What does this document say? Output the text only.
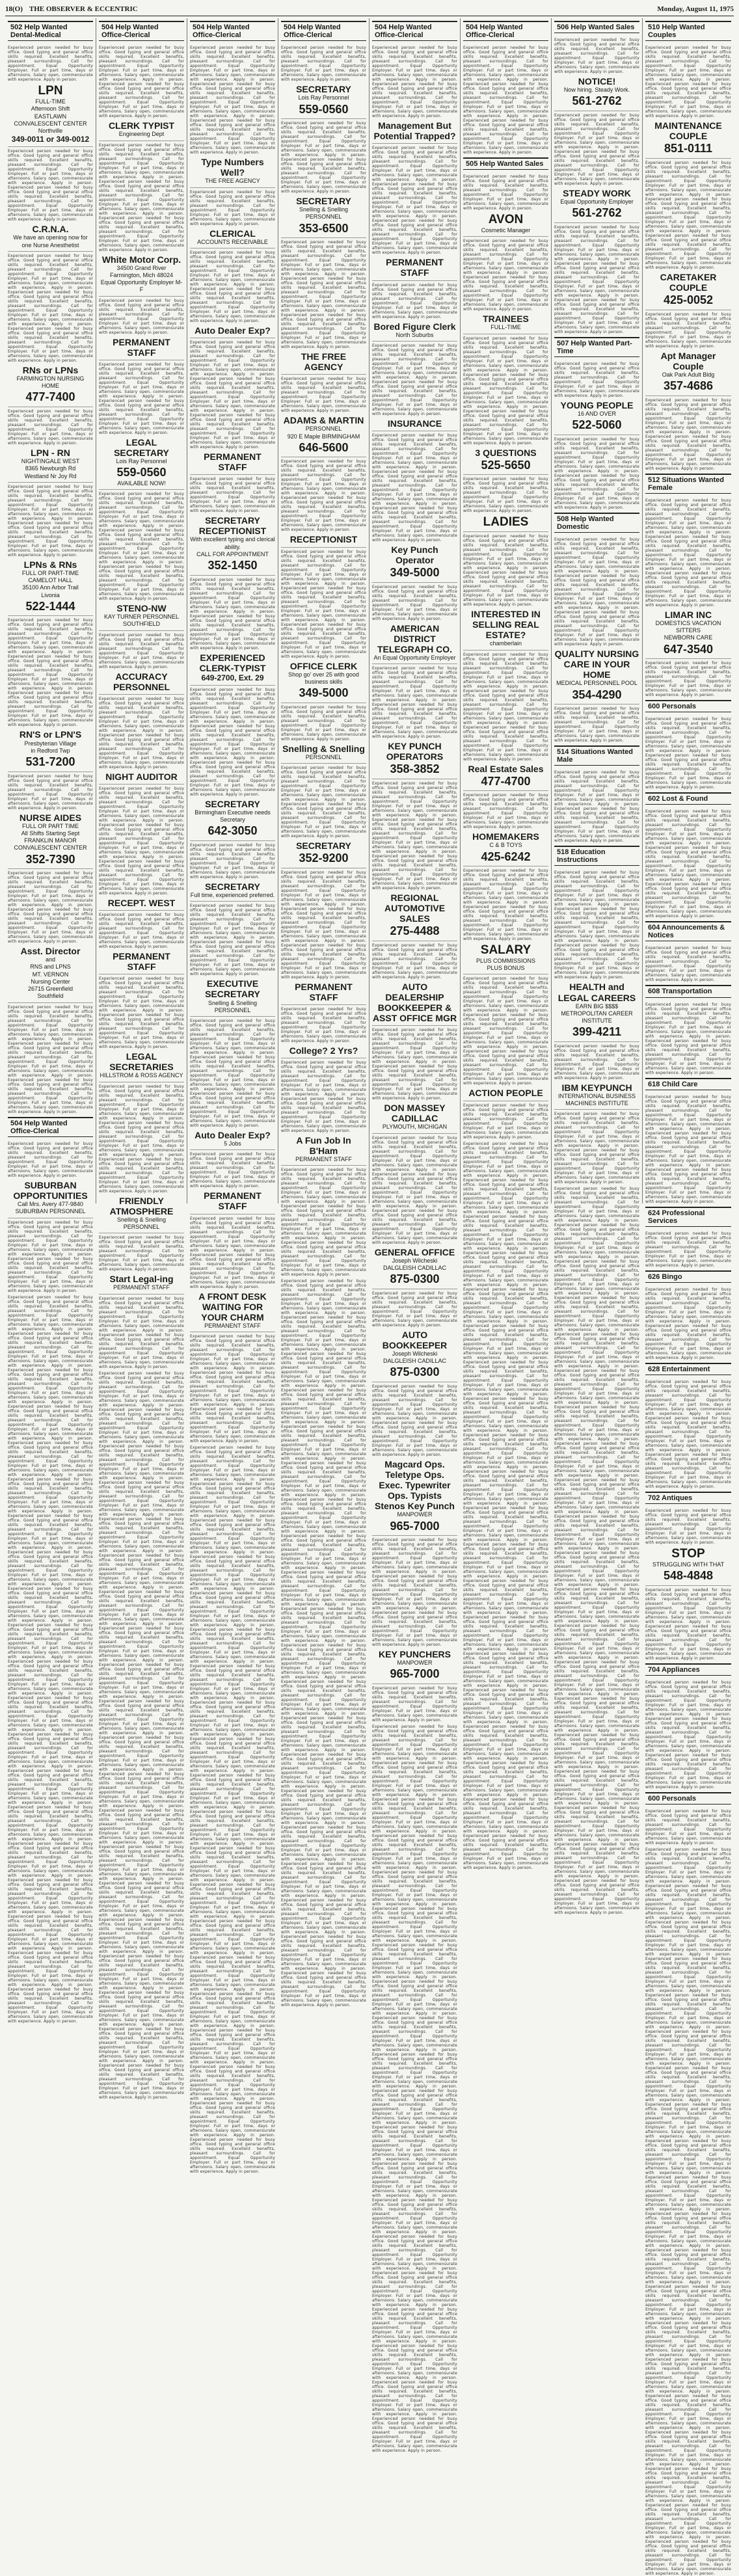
18(O) THE OBSERVER & ECCENTRIC	Monday, August 11, 1975
502 Help Wanted Dental-Medical
Experienced person needed for busy office. Good typing and general office skills required. Excellent benefits, pleasant surroundings. Call for appointment. Equal Opportunity Employer. Full or part time, days or afternoons. Salary open, commensurate with experience. Apply in person.
LPN
FULL-TIME
Afternoon Shift
EASTLAWN
CONVALESCENT CENTER
Northville
349-0011 or 349-0012
Experienced person needed for busy office. Good typing and general office skills required. Excellent benefits, pleasant surroundings. Call for appointment. Equal Opportunity Employer. Full or part time, days or afternoons. Salary open, commensurate with experience. Apply in person. Experienced person needed for busy office. Good typing and general office skills required. Excellent benefits, pleasant surroundings. Call for appointment. Equal Opportunity Employer. Full or part time, days or afternoons. Salary open, commensurate with experience. Apply in person.
C.R.N.A.
We have an opening now for one Nurse Anesthetist
Experienced person needed for busy office. Good typing and general office skills required. Excellent benefits, pleasant surroundings. Call for appointment. Equal Opportunity Employer. Full or part time, days or afternoons. Salary open, commensurate with experience. Apply in person. Experienced person needed for busy office. Good typing and general office skills required. Excellent benefits, pleasant surroundings. Call for appointment. Equal Opportunity Employer. Full or part time, days or afternoons. Salary open, commensurate with experience. Apply in person. Experienced person needed for busy office. Good typing and general office skills required. Excellent benefits, pleasant surroundings. Call for appointment. Equal Opportunity Employer. Full or part time, days or afternoons. Salary open, commensurate with experience. Apply in person.
RNs or LPNs
FARMINGTON NURSING HOME
477-7400
Experienced person needed for busy office. Good typing and general office skills required. Excellent benefits, pleasant surroundings. Call for appointment. Equal Opportunity Employer. Full or part time, days or afternoons. Salary open, commensurate with experience. Apply in person.
LPN - RN
NIGHTINGALE WEST
8365 Newburgh Rd
Westland Nr Joy Rd
Experienced person needed for busy office. Good typing and general office skills required. Excellent benefits, pleasant surroundings. Call for appointment. Equal Opportunity Employer. Full or part time, days or afternoons. Salary open, commensurate with experience. Apply in person. Experienced person needed for busy office. Good typing and general office skills required. Excellent benefits, pleasant surroundings. Call for appointment. Equal Opportunity Employer. Full or part time, days or afternoons. Salary open, commensurate with experience. Apply in person.
LPNs & RNs
FULL OR PART-TIME
CAMELOT HALL
35100 Ann Arbor Trail
Livonia
522-1444
Experienced person needed for busy office. Good typing and general office skills required. Excellent benefits, pleasant surroundings. Call for appointment. Equal Opportunity Employer. Full or part time, days or afternoons. Salary open, commensurate with experience. Apply in person. Experienced person needed for busy office. Good typing and general office skills required. Excellent benefits, pleasant surroundings. Call for appointment. Equal Opportunity Employer. Full or part time, days or afternoons. Salary open, commensurate with experience. Apply in person. Experienced person needed for busy office. Good typing and general office skills required. Excellent benefits, pleasant surroundings. Call for appointment. Equal Opportunity Employer. Full or part time, days or afternoons. Salary open, commensurate with experience. Apply in person.
RN'S or LPN'S
Presbyterian Village
in Redford Twp
531-7200
Experienced person needed for busy office. Good typing and general office skills required. Excellent benefits, pleasant surroundings. Call for appointment. Equal Opportunity Employer. Full or part time, days or afternoons. Salary open, commensurate with experience. Apply in person.
NURSE AIDES
FULL OR PART TIME
All Shifts Starting Sept
FRANKLIN MANOR
CONVALESCENT CENTER
352-7390
Experienced person needed for busy office. Good typing and general office skills required. Excellent benefits, pleasant surroundings. Call for appointment. Equal Opportunity Employer. Full or part time, days or afternoons. Salary open, commensurate with experience. Apply in person. Experienced person needed for busy office. Good typing and general office skills required. Excellent benefits, pleasant surroundings. Call for appointment. Equal Opportunity Employer. Full or part time, days or afternoons. Salary open, commensurate with experience. Apply in person.
Asst. Director
and
RNS and LPNS
MT. VERNON
Nursing Center
26715 Greenfield
Southfield
Experienced person needed for busy office. Good typing and general office skills required. Excellent benefits, pleasant surroundings. Call for appointment. Equal Opportunity Employer. Full or part time, days or afternoons. Salary open, commensurate with experience. Apply in person. Experienced person needed for busy office. Good typing and general office skills required. Excellent benefits, pleasant surroundings. Call for appointment. Equal Opportunity Employer. Full or part time, days or afternoons. Salary open, commensurate with experience. Apply in person. Experienced person needed for busy office. Good typing and general office skills required. Excellent benefits, pleasant surroundings. Call for appointment. Equal Opportunity Employer. Full or part time, days or afternoons. Salary open, commensurate with experience. Apply in person.
504 Help Wanted Office-Clerical
Experienced person needed for busy office. Good typing and general office skills required. Excellent benefits, pleasant surroundings. Call for appointment. Equal Opportunity Employer. Full or part time, days or afternoons. Salary open, commensurate with experience. Apply in person.
SUBURBAN OPPORTUNITIES
Call Mrs. Avery 477-9840
SUBURBAN PERSONNEL
Experienced person needed for busy office. Good typing and general office skills required. Excellent benefits, pleasant surroundings. Call for appointment. Equal Opportunity Employer. Full or part time, days or afternoons. Salary open, commensurate with experience. Apply in person. Experienced person needed for busy office. Good typing and general office skills required. Excellent benefits, pleasant surroundings. Call for appointment. Equal Opportunity Employer. Full or part time, days or afternoons. Salary open, commensurate with experience. Apply in person.
Experienced person needed for busy office. Good typing and general office skills required. Excellent benefits, pleasant surroundings. Call for appointment. Equal Opportunity Employer. Full or part time, days or afternoons. Salary open, commensurate with experience. Apply in person. Experienced person needed for busy office. Good typing and general office skills required. Excellent benefits, pleasant surroundings. Call for appointment. Equal Opportunity Employer. Full or part time, days or afternoons. Salary open, commensurate with experience. Apply in person. Experienced person needed for busy office. Good typing and general office skills required. Excellent benefits, pleasant surroundings. Call for appointment. Equal Opportunity Employer. Full or part time, days or afternoons. Salary open, commensurate with experience. Apply in person. Experienced person needed for busy office. Good typing and general office skills required. Excellent benefits, pleasant surroundings. Call for appointment. Equal Opportunity Employer. Full or part time, days or afternoons. Salary open, commensurate with experience. Apply in person. Experienced person needed for busy office. Good typing and general office skills required. Excellent benefits, pleasant surroundings. Call for appointment. Equal Opportunity Employer. Full or part time, days or afternoons. Salary open, commensurate with experience. Apply in person. Experienced person needed for busy office. Good typing and general office skills required. Excellent benefits, pleasant surroundings. Call for appointment. Equal Opportunity Employer. Full or part time, days or afternoons. Salary open, commensurate with experience. Apply in person. Experienced person needed for busy office. Good typing and general office skills required. Excellent benefits, pleasant surroundings. Call for appointment. Equal Opportunity Employer. Full or part time, days or afternoons. Salary open, commensurate with experience. Apply in person. Experienced person needed for busy office. Good typing and general office skills required. Excellent benefits, pleasant surroundings. Call for appointment. Equal Opportunity Employer. Full or part time, days or afternoons. Salary open, commensurate with experience. Apply in person. Experienced person needed for busy office. Good typing and general office skills required. Excellent benefits, pleasant surroundings. Call for appointment. Equal Opportunity Employer. Full or part time, days or afternoons. Salary open, commensurate with experience. Apply in person. Experienced person needed for busy office. Good typing and general office skills required. Excellent benefits, pleasant surroundings. Call for appointment. Equal Opportunity Employer. Full or part time, days or afternoons. Salary open, commensurate with experience. Apply in person. Experienced person needed for busy office. Good typing and general office skills required. Excellent benefits, pleasant surroundings. Call for appointment. Equal Opportunity Employer. Full or part time, days or afternoons. Salary open, commensurate with experience. Apply in person. Experienced person needed for busy office. Good typing and general office skills required. Excellent benefits, pleasant surroundings. Call for appointment. Equal Opportunity Employer. Full or part time, days or afternoons. Salary open, commensurate with experience. Apply in person. Experienced person needed for busy office. Good typing and general office skills required. Excellent benefits, pleasant surroundings. Call for appointment. Equal Opportunity Employer. Full or part time, days or afternoons. Salary open, commensurate with experience. Apply in person. Experienced person needed for busy office. Good typing and general office skills required. Excellent benefits, pleasant surroundings. Call for appointment. Equal Opportunity Employer. Full or part time, days or afternoons. Salary open, commensurate with experience. Apply in person. Experienced person needed for busy office. Good typing and general office skills required. Excellent benefits, pleasant surroundings. Call for appointment. Equal Opportunity Employer. Full or part time, days or afternoons. Salary open, commensurate with experience. Apply in person. Experienced person needed for busy office. Good typing and general office skills required. Excellent benefits, pleasant surroundings. Call for appointment. Equal Opportunity Employer. Full or part time, days or afternoons. Salary open, commensurate with experience. Apply in person. Experienced person needed for busy office. Good typing and general office skills required. Excellent benefits, pleasant surroundings. Call for appointment. Equal Opportunity Employer. Full or part time, days or afternoons. Salary open, commensurate with experience. Apply in person. Experienced person needed for busy office. Good typing and general office skills required. Excellent benefits, pleasant surroundings. Call for appointment. Equal Opportunity Employer. Full or part time, days or afternoons. Salary open, commensurate with experience. Apply in person. Experienced person needed for busy office. Good typing and general office skills required. Excellent benefits, pleasant surroundings. Call for appointment. Equal Opportunity Employer. Full or part time, days or afternoons. Salary open, commensurate with experience. Apply in person. Experienced person needed for busy office. Good typing and general office skills required. Excellent benefits, pleasant surroundings. Call for appointment. Equal Opportunity Employer. Full or part time, days or afternoons. Salary open, commensurate with experience. Apply in person.
504 Help Wanted Office-Clerical
Experienced person needed for busy office. Good typing and general office skills required. Excellent benefits, pleasant surroundings. Call for appointment. Equal Opportunity Employer. Full or part time, days or afternoons. Salary open, commensurate with experience. Apply in person. Experienced person needed for busy office. Good typing and general office skills required. Excellent benefits, pleasant surroundings. Call for appointment. Equal Opportunity Employer. Full or part time, days or afternoons. Salary open, commensurate with experience. Apply in person.
CLERK TYPIST
Engineering Dept
Experienced person needed for busy office. Good typing and general office skills required. Excellent benefits, pleasant surroundings. Call for appointment. Equal Opportunity Employer. Full or part time, days or afternoons. Salary open, commensurate with experience. Apply in person. Experienced person needed for busy office. Good typing and general office skills required. Excellent benefits, pleasant surroundings. Call for appointment. Equal Opportunity Employer. Full or part time, days or afternoons. Salary open, commensurate with experience. Apply in person. Experienced person needed for busy office. Good typing and general office skills required. Excellent benefits, pleasant surroundings. Call for appointment. Equal Opportunity Employer. Full or part time, days or afternoons. Salary open, commensurate with experience. Apply in person.
White Motor Corp.
34500 Grand River
Farmington, Mich 48024
Equal Opportunity Employer M-F
Experienced person needed for busy office. Good typing and general office skills required. Excellent benefits, pleasant surroundings. Call for appointment. Equal Opportunity Employer. Full or part time, days or afternoons. Salary open, commensurate with experience. Apply in person.
PERMANENT STAFF
Experienced person needed for busy office. Good typing and general office skills required. Excellent benefits, pleasant surroundings. Call for appointment. Equal Opportunity Employer. Full or part time, days or afternoons. Salary open, commensurate with experience. Apply in person. Experienced person needed for busy office. Good typing and general office skills required. Excellent benefits, pleasant surroundings. Call for appointment. Equal Opportunity Employer. Full or part time, days or afternoons. Salary open, commensurate with experience. Apply in person.
LEGAL SECRETARY
Lois Ray Personnel
559-0560
AVAILABLE NOW!
Experienced person needed for busy office. Good typing and general office skills required. Excellent benefits, pleasant surroundings. Call for appointment. Equal Opportunity Employer. Full or part time, days or afternoons. Salary open, commensurate with experience. Apply in person. Experienced person needed for busy office. Good typing and general office skills required. Excellent benefits, pleasant surroundings. Call for appointment. Equal Opportunity Employer. Full or part time, days or afternoons. Salary open, commensurate with experience. Apply in person. Experienced person needed for busy office. Good typing and general office skills required. Excellent benefits, pleasant surroundings. Call for appointment. Equal Opportunity Employer. Full or part time, days or afternoons. Salary open, commensurate with experience. Apply in person.
STENO-NW
KAY TURNER PERSONNEL
SOUTHFIELD
Experienced person needed for busy office. Good typing and general office skills required. Excellent benefits, pleasant surroundings. Call for appointment. Equal Opportunity Employer. Full or part time, days or afternoons. Salary open, commensurate with experience. Apply in person.
ACCURACY PERSONNEL
Experienced person needed for busy office. Good typing and general office skills required. Excellent benefits, pleasant surroundings. Call for appointment. Equal Opportunity Employer. Full or part time, days or afternoons. Salary open, commensurate with experience. Apply in person. Experienced person needed for busy office. Good typing and general office skills required. Excellent benefits, pleasant surroundings. Call for appointment. Equal Opportunity Employer. Full or part time, days or afternoons. Salary open, commensurate with experience. Apply in person.
NIGHT AUDITOR
Experienced person needed for busy office. Good typing and general office skills required. Excellent benefits, pleasant surroundings. Call for appointment. Equal Opportunity Employer. Full or part time, days or afternoons. Salary open, commensurate with experience. Apply in person. Experienced person needed for busy office. Good typing and general office skills required. Excellent benefits, pleasant surroundings. Call for appointment. Equal Opportunity Employer. Full or part time, days or afternoons. Salary open, commensurate with experience. Apply in person. Experienced person needed for busy office. Good typing and general office skills required. Excellent benefits, pleasant surroundings. Call for appointment. Equal Opportunity Employer. Full or part time, days or afternoons. Salary open, commensurate with experience. Apply in person.
RECEPT. WEST
Experienced person needed for busy office. Good typing and general office skills required. Excellent benefits, pleasant surroundings. Call for appointment. Equal Opportunity Employer. Full or part time, days or afternoons. Salary open, commensurate with experience. Apply in person.
PERMANENT STAFF
Experienced person needed for busy office. Good typing and general office skills required. Excellent benefits, pleasant surroundings. Call for appointment. Equal Opportunity Employer. Full or part time, days or afternoons. Salary open, commensurate with experience. Apply in person. Experienced person needed for busy office. Good typing and general office skills required. Excellent benefits, pleasant surroundings. Call for appointment. Equal Opportunity Employer. Full or part time, days or afternoons. Salary open, commensurate with experience. Apply in person.
LEGAL SECRETARIES
HILLSTROM & ROSS AGENCY
Experienced person needed for busy office. Good typing and general office skills required. Excellent benefits, pleasant surroundings. Call for appointment. Equal Opportunity Employer. Full or part time, days or afternoons. Salary open, commensurate with experience. Apply in person. Experienced person needed for busy office. Good typing and general office skills required. Excellent benefits, pleasant surroundings. Call for appointment. Equal Opportunity Employer. Full or part time, days or afternoons. Salary open, commensurate with experience. Apply in person. Experienced person needed for busy office. Good typing and general office skills required. Excellent benefits, pleasant surroundings. Call for appointment. Equal Opportunity Employer. Full or part time, days or afternoons. Salary open, commensurate with experience. Apply in person.
FRIENDLY ATMOSPHERE
Snelling & Snelling
PERSONNEL
Experienced person needed for busy office. Good typing and general office skills required. Excellent benefits, pleasant surroundings. Call for appointment. Equal Opportunity Employer. Full or part time, days or afternoons. Salary open, commensurate with experience. Apply in person.
Start Legal-ing
PERMANENT STAFF
Experienced person needed for busy office. Good typing and general office skills required. Excellent benefits, pleasant surroundings. Call for appointment. Equal Opportunity Employer. Full or part time, days or afternoons. Salary open, commensurate with experience. Apply in person. Experienced person needed for busy office. Good typing and general office skills required. Excellent benefits, pleasant surroundings. Call for appointment. Equal Opportunity Employer. Full or part time, days or afternoons. Salary open, commensurate with experience. Apply in person.
Experienced person needed for busy office. Good typing and general office skills required. Excellent benefits, pleasant surroundings. Call for appointment. Equal Opportunity Employer. Full or part time, days or afternoons. Salary open, commensurate with experience. Apply in person. Experienced person needed for busy office. Good typing and general office skills required. Excellent benefits, pleasant surroundings. Call for appointment. Equal Opportunity Employer. Full or part time, days or afternoons. Salary open, commensurate with experience. Apply in person. Experienced person needed for busy office. Good typing and general office skills required. Excellent benefits, pleasant surroundings. Call for appointment. Equal Opportunity Employer. Full or part time, days or afternoons. Salary open, commensurate with experience. Apply in person. Experienced person needed for busy office. Good typing and general office skills required. Excellent benefits, pleasant surroundings. Call for appointment. Equal Opportunity Employer. Full or part time, days or afternoons. Salary open, commensurate with experience. Apply in person. Experienced person needed for busy office. Good typing and general office skills required. Excellent benefits, pleasant surroundings. Call for appointment. Equal Opportunity Employer. Full or part time, days or afternoons. Salary open, commensurate with experience. Apply in person. Experienced person needed for busy office. Good typing and general office skills required. Excellent benefits, pleasant surroundings. Call for appointment. Equal Opportunity Employer. Full or part time, days or afternoons. Salary open, commensurate with experience. Apply in person. Experienced person needed for busy office. Good typing and general office skills required. Excellent benefits, pleasant surroundings. Call for appointment. Equal Opportunity Employer. Full or part time, days or afternoons. Salary open, commensurate with experience. Apply in person. Experienced person needed for busy office. Good typing and general office skills required. Excellent benefits, pleasant surroundings. Call for appointment. Equal Opportunity Employer. Full or part time, days or afternoons. Salary open, commensurate with experience. Apply in person. Experienced person needed for busy office. Good typing and general office skills required. Excellent benefits, pleasant surroundings. Call for appointment. Equal Opportunity Employer. Full or part time, days or afternoons. Salary open, commensurate with experience. Apply in person. Experienced person needed for busy office. Good typing and general office skills required. Excellent benefits, pleasant surroundings. Call for appointment. Equal Opportunity Employer. Full or part time, days or afternoons. Salary open, commensurate with experience. Apply in person. Experienced person needed for busy office. Good typing and general office skills required. Excellent benefits, pleasant surroundings. Call for appointment. Equal Opportunity Employer. Full or part time, days or afternoons. Salary open, commensurate with experience. Apply in person. Experienced person needed for busy office. Good typing and general office skills required. Excellent benefits, pleasant surroundings. Call for appointment. Equal Opportunity Employer. Full or part time, days or afternoons. Salary open, commensurate with experience. Apply in person. Experienced person needed for busy office. Good typing and general office skills required. Excellent benefits, pleasant surroundings. Call for appointment. Equal Opportunity Employer. Full or part time, days or afternoons. Salary open, commensurate with experience. Apply in person. Experienced person needed for busy office. Good typing and general office skills required. Excellent benefits, pleasant surroundings. Call for appointment. Equal Opportunity Employer. Full or part time, days or afternoons. Salary open, commensurate with experience. Apply in person. Experienced person needed for busy office. Good typing and general office skills required. Excellent benefits, pleasant surroundings. Call for appointment. Equal Opportunity Employer. Full or part time, days or afternoons. Salary open, commensurate with experience. Apply in person. Experienced person needed for busy office. Good typing and general office skills required. Excellent benefits, pleasant surroundings. Call for appointment. Equal Opportunity Employer. Full or part time, days or afternoons. Salary open, commensurate with experience. Apply in person. Experienced person needed for busy office. Good typing and general office skills required. Excellent benefits, pleasant surroundings. Call for appointment. Equal Opportunity Employer. Full or part time, days or afternoons. Salary open, commensurate with experience. Apply in person. Experienced person needed for busy office. Good typing and general office skills required. Excellent benefits, pleasant surroundings. Call for appointment. Equal Opportunity Employer. Full or part time, days or afternoons. Salary open, commensurate with experience. Apply in person. Experienced person needed for busy office. Good typing and general office skills required. Excellent benefits, pleasant surroundings. Call for appointment. Equal Opportunity Employer. Full or part time, days or afternoons. Salary open, commensurate with experience. Apply in person. Experienced person needed for busy office. Good typing and general office skills required. Excellent benefits, pleasant surroundings. Call for appointment. Equal Opportunity Employer. Full or part time, days or afternoons. Salary open, commensurate with experience. Apply in person.
504 Help Wanted Office-Clerical
Experienced person needed for busy office. Good typing and general office skills required. Excellent benefits, pleasant surroundings. Call for appointment. Equal Opportunity Employer. Full or part time, days or afternoons. Salary open, commensurate with experience. Apply in person. Experienced person needed for busy office. Good typing and general office skills required. Excellent benefits, pleasant surroundings. Call for appointment. Equal Opportunity Employer. Full or part time, days or afternoons. Salary open, commensurate with experience. Apply in person. Experienced person needed for busy office. Good typing and general office skills required. Excellent benefits, pleasant surroundings. Call for appointment. Equal Opportunity Employer. Full or part time, days or afternoons. Salary open, commensurate with experience. Apply in person.
Type Numbers Well?
THE FREE AGENCY
Experienced person needed for busy office. Good typing and general office skills required. Excellent benefits, pleasant surroundings. Call for appointment. Equal Opportunity Employer. Full or part time, days or afternoons. Salary open, commensurate with experience. Apply in person.
CLERICAL
ACCOUNTS RECEIVABLE
Experienced person needed for busy office. Good typing and general office skills required. Excellent benefits, pleasant surroundings. Call for appointment. Equal Opportunity Employer. Full or part time, days or afternoons. Salary open, commensurate with experience. Apply in person. Experienced person needed for busy office. Good typing and general office skills required. Excellent benefits, pleasant surroundings. Call for appointment. Equal Opportunity Employer. Full or part time, days or afternoons. Salary open, commensurate with experience. Apply in person.
Auto Dealer Exp?
Experienced person needed for busy office. Good typing and general office skills required. Excellent benefits, pleasant surroundings. Call for appointment. Equal Opportunity Employer. Full or part time, days or afternoons. Salary open, commensurate with experience. Apply in person. Experienced person needed for busy office. Good typing and general office skills required. Excellent benefits, pleasant surroundings. Call for appointment. Equal Opportunity Employer. Full or part time, days or afternoons. Salary open, commensurate with experience. Apply in person. Experienced person needed for busy office. Good typing and general office skills required. Excellent benefits, pleasant surroundings. Call for appointment. Equal Opportunity Employer. Full or part time, days or afternoons. Salary open, commensurate with experience. Apply in person.
PERMANENT STAFF
Experienced person needed for busy office. Good typing and general office skills required. Excellent benefits, pleasant surroundings. Call for appointment. Equal Opportunity Employer. Full or part time, days or afternoons. Salary open, commensurate with experience. Apply in person.
SECRETARY RECEPTIONIST
With excellent typing and clerical ability.
CALL FOR APPOINTMENT
352-1450
Experienced person needed for busy office. Good typing and general office skills required. Excellent benefits, pleasant surroundings. Call for appointment. Equal Opportunity Employer. Full or part time, days or afternoons. Salary open, commensurate with experience. Apply in person. Experienced person needed for busy office. Good typing and general office skills required. Excellent benefits, pleasant surroundings. Call for appointment. Equal Opportunity Employer. Full or part time, days or afternoons. Salary open, commensurate with experience. Apply in person.
EXPERIENCED CLERK-TYPIST
649-2700, Ext. 29
Experienced person needed for busy office. Good typing and general office skills required. Excellent benefits, pleasant surroundings. Call for appointment. Equal Opportunity Employer. Full or part time, days or afternoons. Salary open, commensurate with experience. Apply in person. Experienced person needed for busy office. Good typing and general office skills required. Excellent benefits, pleasant surroundings. Call for appointment. Equal Opportunity Employer. Full or part time, days or afternoons. Salary open, commensurate with experience. Apply in person. Experienced person needed for busy office. Good typing and general office skills required. Excellent benefits, pleasant surroundings. Call for appointment. Equal Opportunity Employer. Full or part time, days or afternoons. Salary open, commensurate with experience. Apply in person.
SECRETARY
Birmingham Executive needs Secretary
642-3050
Experienced person needed for busy office. Good typing and general office skills required. Excellent benefits, pleasant surroundings. Call for appointment. Equal Opportunity Employer. Full or part time, days or afternoons. Salary open, commensurate with experience. Apply in person.
SECRETARY
Full time, experienced preferred.
Experienced person needed for busy office. Good typing and general office skills required. Excellent benefits, pleasant surroundings. Call for appointment. Equal Opportunity Employer. Full or part time, days or afternoons. Salary open, commensurate with experience. Apply in person. Experienced person needed for busy office. Good typing and general office skills required. Excellent benefits, pleasant surroundings. Call for appointment. Equal Opportunity Employer. Full or part time, days or afternoons. Salary open, commensurate with experience. Apply in person.
EXECUTIVE SECRETARY
Snelling & Snelling
PERSONNEL
Experienced person needed for busy office. Good typing and general office skills required. Excellent benefits, pleasant surroundings. Call for appointment. Equal Opportunity Employer. Full or part time, days or afternoons. Salary open, commensurate with experience. Apply in person. Experienced person needed for busy office. Good typing and general office skills required. Excellent benefits, pleasant surroundings. Call for appointment. Equal Opportunity Employer. Full or part time, days or afternoons. Salary open, commensurate with experience. Apply in person. Experienced person needed for busy office. Good typing and general office skills required. Excellent benefits, pleasant surroundings. Call for appointment. Equal Opportunity Employer. Full or part time, days or afternoons. Salary open, commensurate with experience. Apply in person.
Auto Dealer Exp?
5 Jobs
Experienced person needed for busy office. Good typing and general office skills required. Excellent benefits, pleasant surroundings. Call for appointment. Equal Opportunity Employer. Full or part time, days or afternoons. Salary open, commensurate with experience. Apply in person.
PERMANENT STAFF
Experienced person needed for busy office. Good typing and general office skills required. Excellent benefits, pleasant surroundings. Call for appointment. Equal Opportunity Employer. Full or part time, days or afternoons. Salary open, commensurate with experience. Apply in person. Experienced person needed for busy office. Good typing and general office skills required. Excellent benefits, pleasant surroundings. Call for appointment. Equal Opportunity Employer. Full or part time, days or afternoons. Salary open, commensurate with experience. Apply in person.
A FRONT DESK WAITING FOR YOUR CHARM
PERMANENT STAFF
Experienced person needed for busy office. Good typing and general office skills required. Excellent benefits, pleasant surroundings. Call for appointment. Equal Opportunity Employer. Full or part time, days or afternoons. Salary open, commensurate with experience. Apply in person. Experienced person needed for busy office. Good typing and general office skills required. Excellent benefits, pleasant surroundings. Call for appointment. Equal Opportunity Employer. Full or part time, days or afternoons. Salary open, commensurate with experience. Apply in person. Experienced person needed for busy office. Good typing and general office skills required. Excellent benefits, pleasant surroundings. Call for appointment. Equal Opportunity Employer. Full or part time, days or afternoons. Salary open, commensurate with experience. Apply in person.
Experienced person needed for busy office. Good typing and general office skills required. Excellent benefits, pleasant surroundings. Call for appointment. Equal Opportunity Employer. Full or part time, days or afternoons. Salary open, commensurate with experience. Apply in person. Experienced person needed for busy office. Good typing and general office skills required. Excellent benefits, pleasant surroundings. Call for appointment. Equal Opportunity Employer. Full or part time, days or afternoons. Salary open, commensurate with experience. Apply in person. Experienced person needed for busy office. Good typing and general office skills required. Excellent benefits, pleasant surroundings. Call for appointment. Equal Opportunity Employer. Full or part time, days or afternoons. Salary open, commensurate with experience. Apply in person. Experienced person needed for busy office. Good typing and general office skills required. Excellent benefits, pleasant surroundings. Call for appointment. Equal Opportunity Employer. Full or part time, days or afternoons. Salary open, commensurate with experience. Apply in person. Experienced person needed for busy office. Good typing and general office skills required. Excellent benefits, pleasant surroundings. Call for appointment. Equal Opportunity Employer. Full or part time, days or afternoons. Salary open, commensurate with experience. Apply in person. Experienced person needed for busy office. Good typing and general office skills required. Excellent benefits, pleasant surroundings. Call for appointment. Equal Opportunity Employer. Full or part time, days or afternoons. Salary open, commensurate with experience. Apply in person. Experienced person needed for busy office. Good typing and general office skills required. Excellent benefits, pleasant surroundings. Call for appointment. Equal Opportunity Employer. Full or part time, days or afternoons. Salary open, commensurate with experience. Apply in person. Experienced person needed for busy office. Good typing and general office skills required. Excellent benefits, pleasant surroundings. Call for appointment. Equal Opportunity Employer. Full or part time, days or afternoons. Salary open, commensurate with experience. Apply in person. Experienced person needed for busy office. Good typing and general office skills required. Excellent benefits, pleasant surroundings. Call for appointment. Equal Opportunity Employer. Full or part time, days or afternoons. Salary open, commensurate with experience. Apply in person. Experienced person needed for busy office. Good typing and general office skills required. Excellent benefits, pleasant surroundings. Call for appointment. Equal Opportunity Employer. Full or part time, days or afternoons. Salary open, commensurate with experience. Apply in person. Experienced person needed for busy office. Good typing and general office skills required. Excellent benefits, pleasant surroundings. Call for appointment. Equal Opportunity Employer. Full or part time, days or afternoons. Salary open, commensurate with experience. Apply in person. Experienced person needed for busy office. Good typing and general office skills required. Excellent benefits, pleasant surroundings. Call for appointment. Equal Opportunity Employer. Full or part time, days or afternoons. Salary open, commensurate with experience. Apply in person. Experienced person needed for busy office. Good typing and general office skills required. Excellent benefits, pleasant surroundings. Call for appointment. Equal Opportunity Employer. Full or part time, days or afternoons. Salary open, commensurate with experience. Apply in person. Experienced person needed for busy office. Good typing and general office skills required. Excellent benefits, pleasant surroundings. Call for appointment. Equal Opportunity Employer. Full or part time, days or afternoons. Salary open, commensurate with experience. Apply in person. Experienced person needed for busy office. Good typing and general office skills required. Excellent benefits, pleasant surroundings. Call for appointment. Equal Opportunity Employer. Full or part time, days or afternoons. Salary open, commensurate with experience. Apply in person. Experienced person needed for busy office. Good typing and general office skills required. Excellent benefits, pleasant surroundings. Call for appointment. Equal Opportunity Employer. Full or part time, days or afternoons. Salary open, commensurate with experience. Apply in person. Experienced person needed for busy office. Good typing and general office skills required. Excellent benefits, pleasant surroundings. Call for appointment. Equal Opportunity Employer. Full or part time, days or afternoons. Salary open, commensurate with experience. Apply in person. Experienced person needed for busy office. Good typing and general office skills required. Excellent benefits, pleasant surroundings. Call for appointment. Equal Opportunity Employer. Full or part time, days or afternoons. Salary open, commensurate with experience. Apply in person. Experienced person needed for busy office. Good typing and general office skills required. Excellent benefits, pleasant surroundings. Call for appointment. Equal Opportunity Employer. Full or part time, days or afternoons. Salary open, commensurate with experience. Apply in person. Experienced person needed for busy office. Good typing and general office skills required. Excellent benefits, pleasant surroundings. Call for appointment. Equal Opportunity Employer. Full or part time, days or afternoons. Salary open, commensurate with experience. Apply in person.
504 Help Wanted Office-Clerical
Experienced person needed for busy office. Good typing and general office skills required. Excellent benefits, pleasant surroundings. Call for appointment. Equal Opportunity Employer. Full or part time, days or afternoons. Salary open, commensurate with experience. Apply in person.
SECRETARY
Lois Ray Personnel
559-0560
Experienced person needed for busy office. Good typing and general office skills required. Excellent benefits, pleasant surroundings. Call for appointment. Equal Opportunity Employer. Full or part time, days or afternoons. Salary open, commensurate with experience. Apply in person. Experienced person needed for busy office. Good typing and general office skills required. Excellent benefits, pleasant surroundings. Call for appointment. Equal Opportunity Employer. Full or part time, days or afternoons. Salary open, commensurate with experience. Apply in person.
SECRETARY
Snelling & Snelling
PERSONNEL
353-6500
Experienced person needed for busy office. Good typing and general office skills required. Excellent benefits, pleasant surroundings. Call for appointment. Equal Opportunity Employer. Full or part time, days or afternoons. Salary open, commensurate with experience. Apply in person. Experienced person needed for busy office. Good typing and general office skills required. Excellent benefits, pleasant surroundings. Call for appointment. Equal Opportunity Employer. Full or part time, days or afternoons. Salary open, commensurate with experience. Apply in person. Experienced person needed for busy office. Good typing and general office skills required. Excellent benefits, pleasant surroundings. Call for appointment. Equal Opportunity Employer. Full or part time, days or afternoons. Salary open, commensurate with experience. Apply in person.
THE FREE AGENCY
Experienced person needed for busy office. Good typing and general office skills required. Excellent benefits, pleasant surroundings. Call for appointment. Equal Opportunity Employer. Full or part time, days or afternoons. Salary open, commensurate with experience. Apply in person.
ADAMS & MARTIN
PERSONNEL
920 E Maple BIRMINGHAM
646-5600
Experienced person needed for busy office. Good typing and general office skills required. Excellent benefits, pleasant surroundings. Call for appointment. Equal Opportunity Employer. Full or part time, days or afternoons. Salary open, commensurate with experience. Apply in person. Experienced person needed for busy office. Good typing and general office skills required. Excellent benefits, pleasant surroundings. Call for appointment. Equal Opportunity Employer. Full or part time, days or afternoons. Salary open, commensurate with experience. Apply in person.
RECEPTIONIST
Experienced person needed for busy office. Good typing and general office skills required. Excellent benefits, pleasant surroundings. Call for appointment. Equal Opportunity Employer. Full or part time, days or afternoons. Salary open, commensurate with experience. Apply in person. Experienced person needed for busy office. Good typing and general office skills required. Excellent benefits, pleasant surroundings. Call for appointment. Equal Opportunity Employer. Full or part time, days or afternoons. Salary open, commensurate with experience. Apply in person. Experienced person needed for busy office. Good typing and general office skills required. Excellent benefits, pleasant surroundings. Call for appointment. Equal Opportunity Employer. Full or part time, days or afternoons. Salary open, commensurate with experience. Apply in person.
OFFICE CLERK
Shop go' over 25 with good business skills
349-5000
Experienced person needed for busy office. Good typing and general office skills required. Excellent benefits, pleasant surroundings. Call for appointment. Equal Opportunity Employer. Full or part time, days or afternoons. Salary open, commensurate with experience. Apply in person.
Snelling & Snelling
PERSONNEL
Experienced person needed for busy office. Good typing and general office skills required. Excellent benefits, pleasant surroundings. Call for appointment. Equal Opportunity Employer. Full or part time, days or afternoons. Salary open, commensurate with experience. Apply in person. Experienced person needed for busy office. Good typing and general office skills required. Excellent benefits, pleasant surroundings. Call for appointment. Equal Opportunity Employer. Full or part time, days or afternoons. Salary open, commensurate with experience. Apply in person.
SECRETARY
352-9200
Experienced person needed for busy office. Good typing and general office skills required. Excellent benefits, pleasant surroundings. Call for appointment. Equal Opportunity Employer. Full or part time, days or afternoons. Salary open, commensurate with experience. Apply in person. Experienced person needed for busy office. Good typing and general office skills required. Excellent benefits, pleasant surroundings. Call for appointment. Equal Opportunity Employer. Full or part time, days or afternoons. Salary open, commensurate with experience. Apply in person. Experienced person needed for busy office. Good typing and general office skills required. Excellent benefits, pleasant surroundings. Call for appointment. Equal Opportunity Employer. Full or part time, days or afternoons. Salary open, commensurate with experience. Apply in person.
PERMANENT STAFF
Experienced person needed for busy office. Good typing and general office skills required. Excellent benefits, pleasant surroundings. Call for appointment. Equal Opportunity Employer. Full or part time, days or afternoons. Salary open, commensurate with experience. Apply in person.
College? 2 Yrs?
Experienced person needed for busy office. Good typing and general office skills required. Excellent benefits, pleasant surroundings. Call for appointment. Equal Opportunity Employer. Full or part time, days or afternoons. Salary open, commensurate with experience. Apply in person. Experienced person needed for busy office. Good typing and general office skills required. Excellent benefits, pleasant surroundings. Call for appointment. Equal Opportunity Employer. Full or part time, days or afternoons. Salary open, commensurate with experience. Apply in person.
A Fun Job In B'Ham
PERMANENT STAFF
Experienced person needed for busy office. Good typing and general office skills required. Excellent benefits, pleasant surroundings. Call for appointment. Equal Opportunity Employer. Full or part time, days or afternoons. Salary open, commensurate with experience. Apply in person. Experienced person needed for busy office. Good typing and general office skills required. Excellent benefits, pleasant surroundings. Call for appointment. Equal Opportunity Employer. Full or part time, days or afternoons. Salary open, commensurate with experience. Apply in person. Experienced person needed for busy office. Good typing and general office skills required. Excellent benefits, pleasant surroundings. Call for appointment. Equal Opportunity Employer. Full or part time, days or afternoons. Salary open, commensurate with experience. Apply in person.
Experienced person needed for busy office. Good typing and general office skills required. Excellent benefits, pleasant surroundings. Call for appointment. Equal Opportunity Employer. Full or part time, days or afternoons. Salary open, commensurate with experience. Apply in person. Experienced person needed for busy office. Good typing and general office skills required. Excellent benefits, pleasant surroundings. Call for appointment. Equal Opportunity Employer. Full or part time, days or afternoons. Salary open, commensurate with experience. Apply in person. Experienced person needed for busy office. Good typing and general office skills required. Excellent benefits, pleasant surroundings. Call for appointment. Equal Opportunity Employer. Full or part time, days or afternoons. Salary open, commensurate with experience. Apply in person. Experienced person needed for busy office. Good typing and general office skills required. Excellent benefits, pleasant surroundings. Call for appointment. Equal Opportunity Employer. Full or part time, days or afternoons. Salary open, commensurate with experience. Apply in person. Experienced person needed for busy office. Good typing and general office skills required. Excellent benefits, pleasant surroundings. Call for appointment. Equal Opportunity Employer. Full or part time, days or afternoons. Salary open, commensurate with experience. Apply in person. Experienced person needed for busy office. Good typing and general office skills required. Excellent benefits, pleasant surroundings. Call for appointment. Equal Opportunity Employer. Full or part time, days or afternoons. Salary open, commensurate with experience. Apply in person. Experienced person needed for busy office. Good typing and general office skills required. Excellent benefits, pleasant surroundings. Call for appointment. Equal Opportunity Employer. Full or part time, days or afternoons. Salary open, commensurate with experience. Apply in person. Experienced person needed for busy office. Good typing and general office skills required. Excellent benefits, pleasant surroundings. Call for appointment. Equal Opportunity Employer. Full or part time, days or afternoons. Salary open, commensurate with experience. Apply in person. Experienced person needed for busy office. Good typing and general office skills required. Excellent benefits, pleasant surroundings. Call for appointment. Equal Opportunity Employer. Full or part time, days or afternoons. Salary open, commensurate with experience. Apply in person. Experienced person needed for busy office. Good typing and general office skills required. Excellent benefits, pleasant surroundings. Call for appointment. Equal Opportunity Employer. Full or part time, days or afternoons. Salary open, commensurate with experience. Apply in person. Experienced person needed for busy office. Good typing and general office skills required. Excellent benefits, pleasant surroundings. Call for appointment. Equal Opportunity Employer. Full or part time, days or afternoons. Salary open, commensurate with experience. Apply in person. Experienced person needed for busy office. Good typing and general office skills required. Excellent benefits, pleasant surroundings. Call for appointment. Equal Opportunity Employer. Full or part time, days or afternoons. Salary open, commensurate with experience. Apply in person. Experienced person needed for busy office. Good typing and general office skills required. Excellent benefits, pleasant surroundings. Call for appointment. Equal Opportunity Employer. Full or part time, days or afternoons. Salary open, commensurate with experience. Apply in person. Experienced person needed for busy office. Good typing and general office skills required. Excellent benefits, pleasant surroundings. Call for appointment. Equal Opportunity Employer. Full or part time, days or afternoons. Salary open, commensurate with experience. Apply in person. Experienced person needed for busy office. Good typing and general office skills required. Excellent benefits, pleasant surroundings. Call for appointment. Equal Opportunity Employer. Full or part time, days or afternoons. Salary open, commensurate with experience. Apply in person. Experienced person needed for busy office. Good typing and general office skills required. Excellent benefits, pleasant surroundings. Call for appointment. Equal Opportunity Employer. Full or part time, days or afternoons. Salary open, commensurate with experience. Apply in person. Experienced person needed for busy office. Good typing and general office skills required. Excellent benefits, pleasant surroundings. Call for appointment. Equal Opportunity Employer. Full or part time, days or afternoons. Salary open, commensurate with experience. Apply in person. Experienced person needed for busy office. Good typing and general office skills required. Excellent benefits, pleasant surroundings. Call for appointment. Equal Opportunity Employer. Full or part time, days or afternoons. Salary open, commensurate with experience. Apply in person. Experienced person needed for busy office. Good typing and general office skills required. Excellent benefits, pleasant surroundings. Call for appointment. Equal Opportunity Employer. Full or part time, days or afternoons. Salary open, commensurate with experience. Apply in person. Experienced person needed for busy office. Good typing and general office skills required. Excellent benefits, pleasant surroundings. Call for appointment. Equal Opportunity Employer. Full or part time, days or afternoons. Salary open, commensurate with experience. Apply in person.
504 Help Wanted Office-Clerical
Experienced person needed for busy office. Good typing and general office skills required. Excellent benefits, pleasant surroundings. Call for appointment. Equal Opportunity Employer. Full or part time, days or afternoons. Salary open, commensurate with experience. Apply in person. Experienced person needed for busy office. Good typing and general office skills required. Excellent benefits, pleasant surroundings. Call for appointment. Equal Opportunity Employer. Full or part time, days or afternoons. Salary open, commensurate with experience. Apply in person.
Management But Potential Trapped?
Experienced person needed for busy office. Good typing and general office skills required. Excellent benefits, pleasant surroundings. Call for appointment. Equal Opportunity Employer. Full or part time, days or afternoons. Salary open, commensurate with experience. Apply in person. Experienced person needed for busy office. Good typing and general office skills required. Excellent benefits, pleasant surroundings. Call for appointment. Equal Opportunity Employer. Full or part time, days or afternoons. Salary open, commensurate with experience. Apply in person. Experienced person needed for busy office. Good typing and general office skills required. Excellent benefits, pleasant surroundings. Call for appointment. Equal Opportunity Employer. Full or part time, days or afternoons. Salary open, commensurate with experience. Apply in person.
PERMANENT STAFF
Experienced person needed for busy office. Good typing and general office skills required. Excellent benefits, pleasant surroundings. Call for appointment. Equal Opportunity Employer. Full or part time, days or afternoons. Salary open, commensurate with experience. Apply in person.
Bored Figure Clerk
North Suburbs
Experienced person needed for busy office. Good typing and general office skills required. Excellent benefits, pleasant surroundings. Call for appointment. Equal Opportunity Employer. Full or part time, days or afternoons. Salary open, commensurate with experience. Apply in person. Experienced person needed for busy office. Good typing and general office skills required. Excellent benefits, pleasant surroundings. Call for appointment. Equal Opportunity Employer. Full or part time, days or afternoons. Salary open, commensurate with experience. Apply in person.
INSURANCE
Experienced person needed for busy office. Good typing and general office skills required. Excellent benefits, pleasant surroundings. Call for appointment. Equal Opportunity Employer. Full or part time, days or afternoons. Salary open, commensurate with experience. Apply in person. Experienced person needed for busy office. Good typing and general office skills required. Excellent benefits, pleasant surroundings. Call for appointment. Equal Opportunity Employer. Full or part time, days or afternoons. Salary open, commensurate with experience. Apply in person. Experienced person needed for busy office. Good typing and general office skills required. Excellent benefits, pleasant surroundings. Call for appointment. Equal Opportunity Employer. Full or part time, days or afternoons. Salary open, commensurate with experience. Apply in person.
Key Punch Operator
349-5000
Experienced person needed for busy office. Good typing and general office skills required. Excellent benefits, pleasant surroundings. Call for appointment. Equal Opportunity Employer. Full or part time, days or afternoons. Salary open, commensurate with experience. Apply in person.
AMERICAN DISTRICT TELEGRAPH CO.
An Equal Opportunity Employer
Experienced person needed for busy office. Good typing and general office skills required. Excellent benefits, pleasant surroundings. Call for appointment. Equal Opportunity Employer. Full or part time, days or afternoons. Salary open, commensurate with experience. Apply in person. Experienced person needed for busy office. Good typing and general office skills required. Excellent benefits, pleasant surroundings. Call for appointment. Equal Opportunity Employer. Full or part time, days or afternoons. Salary open, commensurate with experience. Apply in person.
KEY PUNCH OPERATORS
358-3852
Experienced person needed for busy office. Good typing and general office skills required. Excellent benefits, pleasant surroundings. Call for appointment. Equal Opportunity Employer. Full or part time, days or afternoons. Salary open, commensurate with experience. Apply in person. Experienced person needed for busy office. Good typing and general office skills required. Excellent benefits, pleasant surroundings. Call for appointment. Equal Opportunity Employer. Full or part time, days or afternoons. Salary open, commensurate with experience. Apply in person. Experienced person needed for busy office. Good typing and general office skills required. Excellent benefits, pleasant surroundings. Call for appointment. Equal Opportunity Employer. Full or part time, days or afternoons. Salary open, commensurate with experience. Apply in person.
REGIONAL AUTOMOTIVE SALES
275-4488
Experienced person needed for busy office. Good typing and general office skills required. Excellent benefits, pleasant surroundings. Call for appointment. Equal Opportunity Employer. Full or part time, days or afternoons. Salary open, commensurate with experience. Apply in person.
AUTO DEALERSHIP BOOKKEEPER & ASST OFFICE MGR
Experienced person needed for busy office. Good typing and general office skills required. Excellent benefits, pleasant surroundings. Call for appointment. Equal Opportunity Employer. Full or part time, days or afternoons. Salary open, commensurate with experience. Apply in person. Experienced person needed for busy office. Good typing and general office skills required. Excellent benefits, pleasant surroundings. Call for appointment. Equal Opportunity Employer. Full or part time, days or afternoons. Salary open, commensurate with experience. Apply in person.
DON MASSEY CADILLAC
PLYMOUTH, MICHIGAN
Experienced person needed for busy office. Good typing and general office skills required. Excellent benefits, pleasant surroundings. Call for appointment. Equal Opportunity Employer. Full or part time, days or afternoons. Salary open, commensurate with experience. Apply in person. Experienced person needed for busy office. Good typing and general office skills required. Excellent benefits, pleasant surroundings. Call for appointment. Equal Opportunity Employer. Full or part time, days or afternoons. Salary open, commensurate with experience. Apply in person. Experienced person needed for busy office. Good typing and general office skills required. Excellent benefits, pleasant surroundings. Call for appointment. Equal Opportunity Employer. Full or part time, days or afternoons. Salary open, commensurate with experience. Apply in person.
GENERAL OFFICE
Joseph Wilcheski
DALGLEISH CADILLAC
875-0300
Experienced person needed for busy office. Good typing and general office skills required. Excellent benefits, pleasant surroundings. Call for appointment. Equal Opportunity Employer. Full or part time, days or afternoons. Salary open, commensurate with experience. Apply in person.
AUTO BOOKKEEPER
Joseph Wilcheski
DALGLEISH CADILLAC
875-0300
Experienced person needed for busy office. Good typing and general office skills required. Excellent benefits, pleasant surroundings. Call for appointment. Equal Opportunity Employer. Full or part time, days or afternoons. Salary open, commensurate with experience. Apply in person. Experienced person needed for busy office. Good typing and general office skills required. Excellent benefits, pleasant surroundings. Call for appointment. Equal Opportunity Employer. Full or part time, days or afternoons. Salary open, commensurate with experience. Apply in person.
Magcard Ops. Teletype Ops. Exec. Typewriter Ops. Typists Stenos Key Punch
MANPOWER
965-7000
Experienced person needed for busy office. Good typing and general office skills required. Excellent benefits, pleasant surroundings. Call for appointment. Equal Opportunity Employer. Full or part time, days or afternoons. Salary open, commensurate with experience. Apply in person. Experienced person needed for busy office. Good typing and general office skills required. Excellent benefits, pleasant surroundings. Call for appointment. Equal Opportunity Employer. Full or part time, days or afternoons. Salary open, commensurate with experience. Apply in person. Experienced person needed for busy office. Good typing and general office skills required. Excellent benefits, pleasant surroundings. Call for appointment. Equal Opportunity Employer. Full or part time, days or afternoons. Salary open, commensurate with experience. Apply in person.
KEY PUNCHERS
MANPOWER
965-7000
Experienced person needed for busy office. Good typing and general office skills required. Excellent benefits, pleasant surroundings. Call for appointment. Equal Opportunity Employer. Full or part time, days or afternoons. Salary open, commensurate with experience. Apply in person.
Experienced person needed for busy office. Good typing and general office skills required. Excellent benefits, pleasant surroundings. Call for appointment. Equal Opportunity Employer. Full or part time, days or afternoons. Salary open, commensurate with experience. Apply in person. Experienced person needed for busy office. Good typing and general office skills required. Excellent benefits, pleasant surroundings. Call for appointment. Equal Opportunity Employer. Full or part time, days or afternoons. Salary open, commensurate with experience. Apply in person. Experienced person needed for busy office. Good typing and general office skills required. Excellent benefits, pleasant surroundings. Call for appointment. Equal Opportunity Employer. Full or part time, days or afternoons. Salary open, commensurate with experience. Apply in person. Experienced person needed for busy office. Good typing and general office skills required. Excellent benefits, pleasant surroundings. Call for appointment. Equal Opportunity Employer. Full or part time, days or afternoons. Salary open, commensurate with experience. Apply in person. Experienced person needed for busy office. Good typing and general office skills required. Excellent benefits, pleasant surroundings. Call for appointment. Equal Opportunity Employer. Full or part time, days or afternoons. Salary open, commensurate with experience. Apply in person. Experienced person needed for busy office. Good typing and general office skills required. Excellent benefits, pleasant surroundings. Call for appointment. Equal Opportunity Employer. Full or part time, days or afternoons. Salary open, commensurate with experience. Apply in person. Experienced person needed for busy office. Good typing and general office skills required. Excellent benefits, pleasant surroundings. Call for appointment. Equal Opportunity Employer. Full or part time, days or afternoons. Salary open, commensurate with experience. Apply in person. Experienced person needed for busy office. Good typing and general office skills required. Excellent benefits, pleasant surroundings. Call for appointment. Equal Opportunity Employer. Full or part time, days or afternoons. Salary open, commensurate with experience. Apply in person. Experienced person needed for busy office. Good typing and general office skills required. Excellent benefits, pleasant surroundings. Call for appointment. Equal Opportunity Employer. Full or part time, days or afternoons. Salary open, commensurate with experience. Apply in person. Experienced person needed for busy office. Good typing and general office skills required. Excellent benefits, pleasant surroundings. Call for appointment. Equal Opportunity Employer. Full or part time, days or afternoons. Salary open, commensurate with experience. Apply in person. Experienced person needed for busy office. Good typing and general office skills required. Excellent benefits, pleasant surroundings. Call for appointment. Equal Opportunity Employer. Full or part time, days or afternoons. Salary open, commensurate with experience. Apply in person. Experienced person needed for busy office. Good typing and general office skills required. Excellent benefits, pleasant surroundings. Call for appointment. Equal Opportunity Employer. Full or part time, days or afternoons. Salary open, commensurate with experience. Apply in person. Experienced person needed for busy office. Good typing and general office skills required. Excellent benefits, pleasant surroundings. Call for appointment. Equal Opportunity Employer. Full or part time, days or afternoons. Salary open, commensurate with experience. Apply in person. Experienced person needed for busy office. Good typing and general office skills required. Excellent benefits, pleasant surroundings. Call for appointment. Equal Opportunity Employer. Full or part time, days or afternoons. Salary open, commensurate with experience. Apply in person. Experienced person needed for busy office. Good typing and general office skills required. Excellent benefits, pleasant surroundings. Call for appointment. Equal Opportunity Employer. Full or part time, days or afternoons. Salary open, commensurate with experience. Apply in person. Experienced person needed for busy office. Good typing and general office skills required. Excellent benefits, pleasant surroundings. Call for appointment. Equal Opportunity Employer. Full or part time, days or afternoons. Salary open, commensurate with experience. Apply in person. Experienced person needed for busy office. Good typing and general office skills required. Excellent benefits, pleasant surroundings. Call for appointment. Equal Opportunity Employer. Full or part time, days or afternoons. Salary open, commensurate with experience. Apply in person. Experienced person needed for busy office. Good typing and general office skills required. Excellent benefits, pleasant surroundings. Call for appointment. Equal Opportunity Employer. Full or part time, days or afternoons. Salary open, commensurate with experience. Apply in person. Experienced person needed for busy office. Good typing and general office skills required. Excellent benefits, pleasant surroundings. Call for appointment. Equal Opportunity Employer. Full or part time, days or afternoons. Salary open, commensurate with experience. Apply in person. Experienced person needed for busy office. Good typing and general office skills required. Excellent benefits, pleasant surroundings. Call for appointment. Equal Opportunity Employer. Full or part time, days or afternoons. Salary open, commensurate with experience. Apply in person.
504 Help Wanted Office-Clerical
Experienced person needed for busy office. Good typing and general office skills required. Excellent benefits, pleasant surroundings. Call for appointment. Equal Opportunity Employer. Full or part time, days or afternoons. Salary open, commensurate with experience. Apply in person. Experienced person needed for busy office. Good typing and general office skills required. Excellent benefits, pleasant surroundings. Call for appointment. Equal Opportunity Employer. Full or part time, days or afternoons. Salary open, commensurate with experience. Apply in person. Experienced person needed for busy office. Good typing and general office skills required. Excellent benefits, pleasant surroundings. Call for appointment. Equal Opportunity Employer. Full or part time, days or afternoons. Salary open, commensurate with experience. Apply in person.
505 Help Wanted Sales
Experienced person needed for busy office. Good typing and general office skills required. Excellent benefits, pleasant surroundings. Call for appointment. Equal Opportunity Employer. Full or part time, days or afternoons. Salary open, commensurate with experience. Apply in person.
AVON
Cosmetic Manager
Experienced person needed for busy office. Good typing and general office skills required. Excellent benefits, pleasant surroundings. Call for appointment. Equal Opportunity Employer. Full or part time, days or afternoons. Salary open, commensurate with experience. Apply in person. Experienced person needed for busy office. Good typing and general office skills required. Excellent benefits, pleasant surroundings. Call for appointment. Equal Opportunity Employer. Full or part time, days or afternoons. Salary open, commensurate with experience. Apply in person.
TRAINEES
FULL-TIME
Experienced person needed for busy office. Good typing and general office skills required. Excellent benefits, pleasant surroundings. Call for appointment. Equal Opportunity Employer. Full or part time, days or afternoons. Salary open, commensurate with experience. Apply in person. Experienced person needed for busy office. Good typing and general office skills required. Excellent benefits, pleasant surroundings. Call for appointment. Equal Opportunity Employer. Full or part time, days or afternoons. Salary open, commensurate with experience. Apply in person. Experienced person needed for busy office. Good typing and general office skills required. Excellent benefits, pleasant surroundings. Call for appointment. Equal Opportunity Employer. Full or part time, days or afternoons. Salary open, commensurate with experience. Apply in person.
3 QUESTIONS
525-5650
Experienced person needed for busy office. Good typing and general office skills required. Excellent benefits, pleasant surroundings. Call for appointment. Equal Opportunity Employer. Full or part time, days or afternoons. Salary open, commensurate with experience. Apply in person.
LADIES
Experienced person needed for busy office. Good typing and general office skills required. Excellent benefits, pleasant surroundings. Call for appointment. Equal Opportunity Employer. Full or part time, days or afternoons. Salary open, commensurate with experience. Apply in person. Experienced person needed for busy office. Good typing and general office skills required. Excellent benefits, pleasant surroundings. Call for appointment. Equal Opportunity Employer. Full or part time, days or afternoons. Salary open, commensurate with experience. Apply in person.
INTERESTED IN SELLING REAL ESTATE?
chamberlain
Experienced person needed for busy office. Good typing and general office skills required. Excellent benefits, pleasant surroundings. Call for appointment. Equal Opportunity Employer. Full or part time, days or afternoons. Salary open, commensurate with experience. Apply in person. Experienced person needed for busy office. Good typing and general office skills required. Excellent benefits, pleasant surroundings. Call for appointment. Equal Opportunity Employer. Full or part time, days or afternoons. Salary open, commensurate with experience. Apply in person. Experienced person needed for busy office. Good typing and general office skills required. Excellent benefits, pleasant surroundings. Call for appointment. Equal Opportunity Employer. Full or part time, days or afternoons. Salary open, commensurate with experience. Apply in person.
Real Estate Sales
477-4700
Experienced person needed for busy office. Good typing and general office skills required. Excellent benefits, pleasant surroundings. Call for appointment. Equal Opportunity Employer. Full or part time, days or afternoons. Salary open, commensurate with experience. Apply in person.
HOMEMAKERS
C & B TOYS
425-6242
Experienced person needed for busy office. Good typing and general office skills required. Excellent benefits, pleasant surroundings. Call for appointment. Equal Opportunity Employer. Full or part time, days or afternoons. Salary open, commensurate with experience. Apply in person. Experienced person needed for busy office. Good typing and general office skills required. Excellent benefits, pleasant surroundings. Call for appointment. Equal Opportunity Employer. Full or part time, days or afternoons. Salary open, commensurate with experience. Apply in person.
SALARY
PLUS COMMISSIONS
PLUS BONUS
Experienced person needed for busy office. Good typing and general office skills required. Excellent benefits, pleasant surroundings. Call for appointment. Equal Opportunity Employer. Full or part time, days or afternoons. Salary open, commensurate with experience. Apply in person. Experienced person needed for busy office. Good typing and general office skills required. Excellent benefits, pleasant surroundings. Call for appointment. Equal Opportunity Employer. Full or part time, days or afternoons. Salary open, commensurate with experience. Apply in person. Experienced person needed for busy office. Good typing and general office skills required. Excellent benefits, pleasant surroundings. Call for appointment. Equal Opportunity Employer. Full or part time, days or afternoons. Salary open, commensurate with experience. Apply in person.
ACTION PEOPLE
Experienced person needed for busy office. Good typing and general office skills required. Excellent benefits, pleasant surroundings. Call for appointment. Equal Opportunity Employer. Full or part time, days or afternoons. Salary open, commensurate with experience. Apply in person.
Experienced person needed for busy office. Good typing and general office skills required. Excellent benefits, pleasant surroundings. Call for appointment. Equal Opportunity Employer. Full or part time, days or afternoons. Salary open, commensurate with experience. Apply in person. Experienced person needed for busy office. Good typing and general office skills required. Excellent benefits, pleasant surroundings. Call for appointment. Equal Opportunity Employer. Full or part time, days or afternoons. Salary open, commensurate with experience. Apply in person. Experienced person needed for busy office. Good typing and general office skills required. Excellent benefits, pleasant surroundings. Call for appointment. Equal Opportunity Employer. Full or part time, days or afternoons. Salary open, commensurate with experience. Apply in person. Experienced person needed for busy office. Good typing and general office skills required. Excellent benefits, pleasant surroundings. Call for appointment. Equal Opportunity Employer. Full or part time, days or afternoons. Salary open, commensurate with experience. Apply in person. Experienced person needed for busy office. Good typing and general office skills required. Excellent benefits, pleasant surroundings. Call for appointment. Equal Opportunity Employer. Full or part time, days or afternoons. Salary open, commensurate with experience. Apply in person. Experienced person needed for busy office. Good typing and general office skills required. Excellent benefits, pleasant surroundings. Call for appointment. Equal Opportunity Employer. Full or part time, days or afternoons. Salary open, commensurate with experience. Apply in person. Experienced person needed for busy office. Good typing and general office skills required. Excellent benefits, pleasant surroundings. Call for appointment. Equal Opportunity Employer. Full or part time, days or afternoons. Salary open, commensurate with experience. Apply in person. Experienced person needed for busy office. Good typing and general office skills required. Excellent benefits, pleasant surroundings. Call for appointment. Equal Opportunity Employer. Full or part time, days or afternoons. Salary open, commensurate with experience. Apply in person. Experienced person needed for busy office. Good typing and general office skills required. Excellent benefits, pleasant surroundings. Call for appointment. Equal Opportunity Employer. Full or part time, days or afternoons. Salary open, commensurate with experience. Apply in person. Experienced person needed for busy office. Good typing and general office skills required. Excellent benefits, pleasant surroundings. Call for appointment. Equal Opportunity Employer. Full or part time, days or afternoons. Salary open, commensurate with experience. Apply in person. Experienced person needed for busy office. Good typing and general office skills required. Excellent benefits, pleasant surroundings. Call for appointment. Equal Opportunity Employer. Full or part time, days or afternoons. Salary open, commensurate with experience. Apply in person. Experienced person needed for busy office. Good typing and general office skills required. Excellent benefits, pleasant surroundings. Call for appointment. Equal Opportunity Employer. Full or part time, days or afternoons. Salary open, commensurate with experience. Apply in person. Experienced person needed for busy office. Good typing and general office skills required. Excellent benefits, pleasant surroundings. Call for appointment. Equal Opportunity Employer. Full or part time, days or afternoons. Salary open, commensurate with experience. Apply in person. Experienced person needed for busy office. Good typing and general office skills required. Excellent benefits, pleasant surroundings. Call for appointment. Equal Opportunity Employer. Full or part time, days or afternoons. Salary open, commensurate with experience. Apply in person. Experienced person needed for busy office. Good typing and general office skills required. Excellent benefits, pleasant surroundings. Call for appointment. Equal Opportunity Employer. Full or part time, days or afternoons. Salary open, commensurate with experience. Apply in person. Experienced person needed for busy office. Good typing and general office skills required. Excellent benefits, pleasant surroundings. Call for appointment. Equal Opportunity Employer. Full or part time, days or afternoons. Salary open, commensurate with experience. Apply in person. Experienced person needed for busy office. Good typing and general office skills required. Excellent benefits, pleasant surroundings. Call for appointment. Equal Opportunity Employer. Full or part time, days or afternoons. Salary open, commensurate with experience. Apply in person. Experienced person needed for busy office. Good typing and general office skills required. Excellent benefits, pleasant surroundings. Call for appointment. Equal Opportunity Employer. Full or part time, days or afternoons. Salary open, commensurate with experience. Apply in person. Experienced person needed for busy office. Good typing and general office skills required. Excellent benefits, pleasant surroundings. Call for appointment. Equal Opportunity Employer. Full or part time, days or afternoons. Salary open, commensurate with experience. Apply in person. Experienced person needed for busy office. Good typing and general office skills required. Excellent benefits, pleasant surroundings. Call for appointment. Equal Opportunity Employer. Full or part time, days or afternoons. Salary open, commensurate with experience. Apply in person.
506 Help Wanted Sales
Experienced person needed for busy office. Good typing and general office skills required. Excellent benefits, pleasant surroundings. Call for appointment. Equal Opportunity Employer. Full or part time, days or afternoons. Salary open, commensurate with experience. Apply in person.
NOTICE!
Now hiring. Steady Work.
561-2762
Experienced person needed for busy office. Good typing and general office skills required. Excellent benefits, pleasant surroundings. Call for appointment. Equal Opportunity Employer. Full or part time, days or afternoons. Salary open, commensurate with experience. Apply in person. Experienced person needed for busy office. Good typing and general office skills required. Excellent benefits, pleasant surroundings. Call for appointment. Equal Opportunity Employer. Full or part time, days or afternoons. Salary open, commensurate with experience. Apply in person.
STEADY WORK
Equal Opportunity Employer
561-2762
Experienced person needed for busy office. Good typing and general office skills required. Excellent benefits, pleasant surroundings. Call for appointment. Equal Opportunity Employer. Full or part time, days or afternoons. Salary open, commensurate with experience. Apply in person. Experienced person needed for busy office. Good typing and general office skills required. Excellent benefits, pleasant surroundings. Call for appointment. Equal Opportunity Employer. Full or part time, days or afternoons. Salary open, commensurate with experience. Apply in person. Experienced person needed for busy office. Good typing and general office skills required. Excellent benefits, pleasant surroundings. Call for appointment. Equal Opportunity Employer. Full or part time, days or afternoons. Salary open, commensurate with experience. Apply in person.
507 Help Wanted Part-Time
Experienced person needed for busy office. Good typing and general office skills required. Excellent benefits, pleasant surroundings. Call for appointment. Equal Opportunity Employer. Full or part time, days or afternoons. Salary open, commensurate with experience. Apply in person.
YOUNG PEOPLE
16 AND OVER
522-5060
Experienced person needed for busy office. Good typing and general office skills required. Excellent benefits, pleasant surroundings. Call for appointment. Equal Opportunity Employer. Full or part time, days or afternoons. Salary open, commensurate with experience. Apply in person. Experienced person needed for busy office. Good typing and general office skills required. Excellent benefits, pleasant surroundings. Call for appointment. Equal Opportunity Employer. Full or part time, days or afternoons. Salary open, commensurate with experience. Apply in person.
508 Help Wanted Domestic
Experienced person needed for busy office. Good typing and general office skills required. Excellent benefits, pleasant surroundings. Call for appointment. Equal Opportunity Employer. Full or part time, days or afternoons. Salary open, commensurate with experience. Apply in person. Experienced person needed for busy office. Good typing and general office skills required. Excellent benefits, pleasant surroundings. Call for appointment. Equal Opportunity Employer. Full or part time, days or afternoons. Salary open, commensurate with experience. Apply in person. Experienced person needed for busy office. Good typing and general office skills required. Excellent benefits, pleasant surroundings. Call for appointment. Equal Opportunity Employer. Full or part time, days or afternoons. Salary open, commensurate with experience. Apply in person.
QUALITY NURSING CARE IN YOUR HOME
MEDICAL PERSONNEL POOL
354-4290
Experienced person needed for busy office. Good typing and general office skills required. Excellent benefits, pleasant surroundings. Call for appointment. Equal Opportunity Employer. Full or part time, days or afternoons. Salary open, commensurate with experience. Apply in person.
514 Situations Wanted Male
Experienced person needed for busy office. Good typing and general office skills required. Excellent benefits, pleasant surroundings. Call for appointment. Equal Opportunity Employer. Full or part time, days or afternoons. Salary open, commensurate with experience. Apply in person. Experienced person needed for busy office. Good typing and general office skills required. Excellent benefits, pleasant surroundings. Call for appointment. Equal Opportunity Employer. Full or part time, days or afternoons. Salary open, commensurate with experience. Apply in person.
518 Education Instructions
Experienced person needed for busy office. Good typing and general office skills required. Excellent benefits, pleasant surroundings. Call for appointment. Equal Opportunity Employer. Full or part time, days or afternoons. Salary open, commensurate with experience. Apply in person. Experienced person needed for busy office. Good typing and general office skills required. Excellent benefits, pleasant surroundings. Call for appointment. Equal Opportunity Employer. Full or part time, days or afternoons. Salary open, commensurate with experience. Apply in person. Experienced person needed for busy office. Good typing and general office skills required. Excellent benefits, pleasant surroundings. Call for appointment. Equal Opportunity Employer. Full or part time, days or afternoons. Salary open, commensurate with experience. Apply in person.
HEALTH and LEGAL CAREERS
EARN BIG $$$$
METROPOLITAN CAREER INSTITUTE
399-4211
Experienced person needed for busy office. Good typing and general office skills required. Excellent benefits, pleasant surroundings. Call for appointment. Equal Opportunity Employer. Full or part time, days or afternoons. Salary open, commensurate with experience. Apply in person.
IBM KEYPUNCH
INTERNATIONAL BUSINESS MACHINES INSTITUTE
Experienced person needed for busy office. Good typing and general office skills required. Excellent benefits, pleasant surroundings. Call for appointment. Equal Opportunity Employer. Full or part time, days or afternoons. Salary open, commensurate with experience. Apply in person. Experienced person needed for busy office. Good typing and general office skills required. Excellent benefits, pleasant surroundings. Call for appointment. Equal Opportunity Employer. Full or part time, days or afternoons. Salary open, commensurate with experience. Apply in person.
Experienced person needed for busy office. Good typing and general office skills required. Excellent benefits, pleasant surroundings. Call for appointment. Equal Opportunity Employer. Full or part time, days or afternoons. Salary open, commensurate with experience. Apply in person. Experienced person needed for busy office. Good typing and general office skills required. Excellent benefits, pleasant surroundings. Call for appointment. Equal Opportunity Employer. Full or part time, days or afternoons. Salary open, commensurate with experience. Apply in person. Experienced person needed for busy office. Good typing and general office skills required. Excellent benefits, pleasant surroundings. Call for appointment. Equal Opportunity Employer. Full or part time, days or afternoons. Salary open, commensurate with experience. Apply in person. Experienced person needed for busy office. Good typing and general office skills required. Excellent benefits, pleasant surroundings. Call for appointment. Equal Opportunity Employer. Full or part time, days or afternoons. Salary open, commensurate with experience. Apply in person. Experienced person needed for busy office. Good typing and general office skills required. Excellent benefits, pleasant surroundings. Call for appointment. Equal Opportunity Employer. Full or part time, days or afternoons. Salary open, commensurate with experience. Apply in person. Experienced person needed for busy office. Good typing and general office skills required. Excellent benefits, pleasant surroundings. Call for appointment. Equal Opportunity Employer. Full or part time, days or afternoons. Salary open, commensurate with experience. Apply in person. Experienced person needed for busy office. Good typing and general office skills required. Excellent benefits, pleasant surroundings. Call for appointment. Equal Opportunity Employer. Full or part time, days or afternoons. Salary open, commensurate with experience. Apply in person. Experienced person needed for busy office. Good typing and general office skills required. Excellent benefits, pleasant surroundings. Call for appointment. Equal Opportunity Employer. Full or part time, days or afternoons. Salary open, commensurate with experience. Apply in person. Experienced person needed for busy office. Good typing and general office skills required. Excellent benefits, pleasant surroundings. Call for appointment. Equal Opportunity Employer. Full or part time, days or afternoons. Salary open, commensurate with experience. Apply in person. Experienced person needed for busy office. Good typing and general office skills required. Excellent benefits, pleasant surroundings. Call for appointment. Equal Opportunity Employer. Full or part time, days or afternoons. Salary open, commensurate with experience. Apply in person. Experienced person needed for busy office. Good typing and general office skills required. Excellent benefits, pleasant surroundings. Call for appointment. Equal Opportunity Employer. Full or part time, days or afternoons. Salary open, commensurate with experience. Apply in person. Experienced person needed for busy office. Good typing and general office skills required. Excellent benefits, pleasant surroundings. Call for appointment. Equal Opportunity Employer. Full or part time, days or afternoons. Salary open, commensurate with experience. Apply in person. Experienced person needed for busy office. Good typing and general office skills required. Excellent benefits, pleasant surroundings. Call for appointment. Equal Opportunity Employer. Full or part time, days or afternoons. Salary open, commensurate with experience. Apply in person. Experienced person needed for busy office. Good typing and general office skills required. Excellent benefits, pleasant surroundings. Call for appointment. Equal Opportunity Employer. Full or part time, days or afternoons. Salary open, commensurate with experience. Apply in person. Experienced person needed for busy office. Good typing and general office skills required. Excellent benefits, pleasant surroundings. Call for appointment. Equal Opportunity Employer. Full or part time, days or afternoons. Salary open, commensurate with experience. Apply in person. Experienced person needed for busy office. Good typing and general office skills required. Excellent benefits, pleasant surroundings. Call for appointment. Equal Opportunity Employer. Full or part time, days or afternoons. Salary open, commensurate with experience. Apply in person. Experienced person needed for busy office. Good typing and general office skills required. Excellent benefits, pleasant surroundings. Call for appointment. Equal Opportunity Employer. Full or part time, days or afternoons. Salary open, commensurate with experience. Apply in person. Experienced person needed for busy office. Good typing and general office skills required. Excellent benefits, pleasant surroundings. Call for appointment. Equal Opportunity Employer. Full or part time, days or afternoons. Salary open, commensurate with experience. Apply in person. Experienced person needed for busy office. Good typing and general office skills required. Excellent benefits, pleasant surroundings. Call for appointment. Equal Opportunity Employer. Full or part time, days or afternoons. Salary open, commensurate with experience. Apply in person. Experienced person needed for busy office. Good typing and general office skills required. Excellent benefits, pleasant surroundings. Call for appointment. Equal Opportunity Employer. Full or part time, days or afternoons. Salary open, commensurate with experience. Apply in person.
510 Help Wanted Couples
Experienced person needed for busy office. Good typing and general office skills required. Excellent benefits, pleasant surroundings. Call for appointment. Equal Opportunity Employer. Full or part time, days or afternoons. Salary open, commensurate with experience. Apply in person. Experienced person needed for busy office. Good typing and general office skills required. Excellent benefits, pleasant surroundings. Call for appointment. Equal Opportunity Employer. Full or part time, days or afternoons. Salary open, commensurate with experience. Apply in person.
MAINTENANCE COUPLE
851-0111
Experienced person needed for busy office. Good typing and general office skills required. Excellent benefits, pleasant surroundings. Call for appointment. Equal Opportunity Employer. Full or part time, days or afternoons. Salary open, commensurate with experience. Apply in person. Experienced person needed for busy office. Good typing and general office skills required. Excellent benefits, pleasant surroundings. Call for appointment. Equal Opportunity Employer. Full or part time, days or afternoons. Salary open, commensurate with experience. Apply in person. Experienced person needed for busy office. Good typing and general office skills required. Excellent benefits, pleasant surroundings. Call for appointment. Equal Opportunity Employer. Full or part time, days or afternoons. Salary open, commensurate with experience. Apply in person.
CARETAKER COUPLE
425-0052
Experienced person needed for busy office. Good typing and general office skills required. Excellent benefits, pleasant surroundings. Call for appointment. Equal Opportunity Employer. Full or part time, days or afternoons. Salary open, commensurate with experience. Apply in person.
Apt Manager Couple
Oak Park Adult Bldg
357-4686
Experienced person needed for busy office. Good typing and general office skills required. Excellent benefits, pleasant surroundings. Call for appointment. Equal Opportunity Employer. Full or part time, days or afternoons. Salary open, commensurate with experience. Apply in person. Experienced person needed for busy office. Good typing and general office skills required. Excellent benefits, pleasant surroundings. Call for appointment. Equal Opportunity Employer. Full or part time, days or afternoons. Salary open, commensurate with experience. Apply in person.
512 Situations Wanted Female
Experienced person needed for busy office. Good typing and general office skills required. Excellent benefits, pleasant surroundings. Call for appointment. Equal Opportunity Employer. Full or part time, days or afternoons. Salary open, commensurate with experience. Apply in person. Experienced person needed for busy office. Good typing and general office skills required. Excellent benefits, pleasant surroundings. Call for appointment. Equal Opportunity Employer. Full or part time, days or afternoons. Salary open, commensurate with experience. Apply in person. Experienced person needed for busy office. Good typing and general office skills required. Excellent benefits, pleasant surroundings. Call for appointment. Equal Opportunity Employer. Full or part time, days or afternoons. Salary open, commensurate with experience. Apply in person.
LIMAR INC
DOMESTICS VACATION SITTERS
NEWBORN CARE
647-3540
Experienced person needed for busy office. Good typing and general office skills required. Excellent benefits, pleasant surroundings. Call for appointment. Equal Opportunity Employer. Full or part time, days or afternoons. Salary open, commensurate with experience. Apply in person.
600 Personals
Experienced person needed for busy office. Good typing and general office skills required. Excellent benefits, pleasant surroundings. Call for appointment. Equal Opportunity Employer. Full or part time, days or afternoons. Salary open, commensurate with experience. Apply in person. Experienced person needed for busy office. Good typing and general office skills required. Excellent benefits, pleasant surroundings. Call for appointment. Equal Opportunity Employer. Full or part time, days or afternoons. Salary open, commensurate with experience. Apply in person.
602 Lost & Found
Experienced person needed for busy office. Good typing and general office skills required. Excellent benefits, pleasant surroundings. Call for appointment. Equal Opportunity Employer. Full or part time, days or afternoons. Salary open, commensurate with experience. Apply in person. Experienced person needed for busy office. Good typing and general office skills required. Excellent benefits, pleasant surroundings. Call for appointment. Equal Opportunity Employer. Full or part time, days or afternoons. Salary open, commensurate with experience. Apply in person. Experienced person needed for busy office. Good typing and general office skills required. Excellent benefits, pleasant surroundings. Call for appointment. Equal Opportunity Employer. Full or part time, days or afternoons. Salary open, commensurate with experience. Apply in person.
604 Announcements & Notices
Experienced person needed for busy office. Good typing and general office skills required. Excellent benefits, pleasant surroundings. Call for appointment. Equal Opportunity Employer. Full or part time, days or afternoons. Salary open, commensurate with experience. Apply in person.
608 Transportation
Experienced person needed for busy office. Good typing and general office skills required. Excellent benefits, pleasant surroundings. Call for appointment. Equal Opportunity Employer. Full or part time, days or afternoons. Salary open, commensurate with experience. Apply in person. Experienced person needed for busy office. Good typing and general office skills required. Excellent benefits, pleasant surroundings. Call for appointment. Equal Opportunity Employer. Full or part time, days or afternoons. Salary open, commensurate with experience. Apply in person.
618 Child Care
Experienced person needed for busy office. Good typing and general office skills required. Excellent benefits, pleasant surroundings. Call for appointment. Equal Opportunity Employer. Full or part time, days or afternoons. Salary open, commensurate with experience. Apply in person. Experienced person needed for busy office. Good typing and general office skills required. Excellent benefits, pleasant surroundings. Call for appointment. Equal Opportunity Employer. Full or part time, days or afternoons. Salary open, commensurate with experience. Apply in person. Experienced person needed for busy office. Good typing and general office skills required. Excellent benefits, pleasant surroundings. Call for appointment. Equal Opportunity Employer. Full or part time, days or afternoons. Salary open, commensurate with experience. Apply in person.
624 Professional Services
Experienced person needed for busy office. Good typing and general office skills required. Excellent benefits, pleasant surroundings. Call for appointment. Equal Opportunity Employer. Full or part time, days or afternoons. Salary open, commensurate with experience. Apply in person.
626 Bingo
Experienced person needed for busy office. Good typing and general office skills required. Excellent benefits, pleasant surroundings. Call for appointment. Equal Opportunity Employer. Full or part time, days or afternoons. Salary open, commensurate with experience. Apply in person. Experienced person needed for busy office. Good typing and general office skills required. Excellent benefits, pleasant surroundings. Call for appointment. Equal Opportunity Employer. Full or part time, days or afternoons. Salary open, commensurate with experience. Apply in person.
628 Entertainment
Experienced person needed for busy office. Good typing and general office skills required. Excellent benefits, pleasant surroundings. Call for appointment. Equal Opportunity Employer. Full or part time, days or afternoons. Salary open, commensurate with experience. Apply in person. Experienced person needed for busy office. Good typing and general office skills required. Excellent benefits, pleasant surroundings. Call for appointment. Equal Opportunity Employer. Full or part time, days or afternoons. Salary open, commensurate with experience. Apply in person. Experienced person needed for busy office. Good typing and general office skills required. Excellent benefits, pleasant surroundings. Call for appointment. Equal Opportunity Employer. Full or part time, days or afternoons. Salary open, commensurate with experience. Apply in person.
702 Antiques
Experienced person needed for busy office. Good typing and general office skills required. Excellent benefits, pleasant surroundings. Call for appointment. Equal Opportunity Employer. Full or part time, days or afternoons. Salary open, commensurate with experience. Apply in person.
STOP
STRUGGLING WITH THAT
548-4848
Experienced person needed for busy office. Good typing and general office skills required. Excellent benefits, pleasant surroundings. Call for appointment. Equal Opportunity Employer. Full or part time, days or afternoons. Salary open, commensurate with experience. Apply in person. Experienced person needed for busy office. Good typing and general office skills required. Excellent benefits, pleasant surroundings. Call for appointment. Equal Opportunity Employer. Full or part time, days or afternoons. Salary open, commensurate with experience. Apply in person.
704 Appliances
Experienced person needed for busy office. Good typing and general office skills required. Excellent benefits, pleasant surroundings. Call for appointment. Equal Opportunity Employer. Full or part time, days or afternoons. Salary open, commensurate with experience. Apply in person. Experienced person needed for busy office. Good typing and general office skills required. Excellent benefits, pleasant surroundings. Call for appointment. Equal Opportunity Employer. Full or part time, days or afternoons. Salary open, commensurate with experience. Apply in person. Experienced person needed for busy office. Good typing and general office skills required. Excellent benefits, pleasant surroundings. Call for appointment. Equal Opportunity Employer. Full or part time, days or afternoons. Salary open, commensurate with experience. Apply in person.
600 Personals
Experienced person needed for busy office. Good typing and general office skills required. Excellent benefits, pleasant surroundings. Call for appointment. Equal Opportunity Employer. Full or part time, days or afternoons. Salary open, commensurate with experience. Apply in person.
Experienced person needed for busy office. Good typing and general office skills required. Excellent benefits, pleasant surroundings. Call for appointment. Equal Opportunity Employer. Full or part time, days or afternoons. Salary open, commensurate with experience. Apply in person. Experienced person needed for busy office. Good typing and general office skills required. Excellent benefits, pleasant surroundings. Call for appointment. Equal Opportunity Employer. Full or part time, days or afternoons. Salary open, commensurate with experience. Apply in person. Experienced person needed for busy office. Good typing and general office skills required. Excellent benefits, pleasant surroundings. Call for appointment. Equal Opportunity Employer. Full or part time, days or afternoons. Salary open, commensurate with experience. Apply in person. Experienced person needed for busy office. Good typing and general office skills required. Excellent benefits, pleasant surroundings. Call for appointment. Equal Opportunity Employer. Full or part time, days or afternoons. Salary open, commensurate with experience. Apply in person. Experienced person needed for busy office. Good typing and general office skills required. Excellent benefits, pleasant surroundings. Call for appointment. Equal Opportunity Employer. Full or part time, days or afternoons. Salary open, commensurate with experience. Apply in person. Experienced person needed for busy office. Good typing and general office skills required. Excellent benefits, pleasant surroundings. Call for appointment. Equal Opportunity Employer. Full or part time, days or afternoons. Salary open, commensurate with experience. Apply in person. Experienced person needed for busy office. Good typing and general office skills required. Excellent benefits, pleasant surroundings. Call for appointment. Equal Opportunity Employer. Full or part time, days or afternoons. Salary open, commensurate with experience. Apply in person. Experienced person needed for busy office. Good typing and general office skills required. Excellent benefits, pleasant surroundings. Call for appointment. Equal Opportunity Employer. Full or part time, days or afternoons. Salary open, commensurate with experience. Apply in person. Experienced person needed for busy office. Good typing and general office skills required. Excellent benefits, pleasant surroundings. Call for appointment. Equal Opportunity Employer. Full or part time, days or afternoons. Salary open, commensurate with experience. Apply in person. Experienced person needed for busy office. Good typing and general office skills required. Excellent benefits, pleasant surroundings. Call for appointment. Equal Opportunity Employer. Full or part time, days or afternoons. Salary open, commensurate with experience. Apply in person. Experienced person needed for busy office. Good typing and general office skills required. Excellent benefits, pleasant surroundings. Call for appointment. Equal Opportunity Employer. Full or part time, days or afternoons. Salary open, commensurate with experience. Apply in person. Experienced person needed for busy office. Good typing and general office skills required. Excellent benefits, pleasant surroundings. Call for appointment. Equal Opportunity Employer. Full or part time, days or afternoons. Salary open, commensurate with experience. Apply in person. Experienced person needed for busy office. Good typing and general office skills required. Excellent benefits, pleasant surroundings. Call for appointment. Equal Opportunity Employer. Full or part time, days or afternoons. Salary open, commensurate with experience. Apply in person. Experienced person needed for busy office. Good typing and general office skills required. Excellent benefits, pleasant surroundings. Call for appointment. Equal Opportunity Employer. Full or part time, days or afternoons. Salary open, commensurate with experience. Apply in person. Experienced person needed for busy office. Good typing and general office skills required. Excellent benefits, pleasant surroundings. Call for appointment. Equal Opportunity Employer. Full or part time, days or afternoons. Salary open, commensurate with experience. Apply in person. Experienced person needed for busy office. Good typing and general office skills required. Excellent benefits, pleasant surroundings. Call for appointment. Equal Opportunity Employer. Full or part time, days or afternoons. Salary open, commensurate with experience. Apply in person. Experienced person needed for busy office. Good typing and general office skills required. Excellent benefits, pleasant surroundings. Call for appointment. Equal Opportunity Employer. Full or part time, days or afternoons. Salary open, commensurate with experience. Apply in person. Experienced person needed for busy office. Good typing and general office skills required. Excellent benefits, pleasant surroundings. Call for appointment. Equal Opportunity Employer. Full or part time, days or afternoons. Salary open, commensurate with experience. Apply in person. Experienced person needed for busy office. Good typing and general office skills required. Excellent benefits, pleasant surroundings. Call for appointment. Equal Opportunity Employer. Full or part time, days or afternoons. Salary open, commensurate with experience. Apply in person. Experienced person needed for busy office. Good typing and general office skills required. Excellent benefits, pleasant surroundings. Call for appointment. Equal Opportunity Employer. Full or part time, days or afternoons. Salary open, commensurate with experience. Apply in person.
